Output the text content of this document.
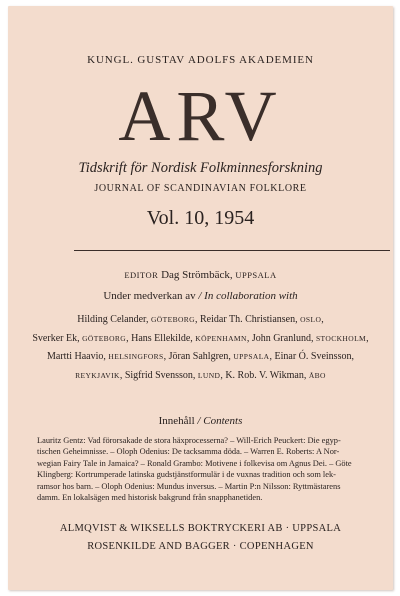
KUNGL. GUSTAV ADOLFS AKADEMIEN
ARV
Tidskrift för Nordisk Folkminnesforskning
JOURNAL OF SCANDINAVIAN FOLKLORE
Vol. 10, 1954
EDITOR Dag Strömbäck, UPPSALA
Under medverkan av / In collaboration with
Hilding Celander, GÖTEBORG, Reidar Th. Christiansen, OSLO,
Sverker Ek, GÖTEBORG, Hans Ellekilde, KÖPENHAMN, John Granlund, STOCKHOLM,
Martti Haavio, HELSINGFORS, Jöran Sahlgren, UPPSALA, Einar Ó. Sveinsson,
REYKJAVIK, Sigfrid Svensson, LUND, K. Rob. V. Wikman, ÅBO
Innehåll / Contents
Lauritz Gentz: Vad förorsakade de stora häxprocesserna? – Will-Erich Peuckert: Die egyp-
tischen Geheimnisse. – Oloph Odenius: De tacksamma döda. – Warren E. Roberts: A Nor-
wegian Fairy Tale in Jamaica? – Ronald Grambo: Motivene i folkevisa om Agnus Dei. – Göte
Klingberg: Kortrumperade latinska gudstjänstformulär i de vuxnas tradition och som lek-
ramsor hos barn. – Oloph Odenius: Mundus inversus. – Martin P:n Nilsson: Ryttmästarens
damm. En lokalsägen med historisk bakgrund från snapphanetiden.
ALMQVIST & WIKSELLS BOKTRYCKERI AB · UPPSALA
ROSENKILDE AND BAGGER · COPENHAGEN
